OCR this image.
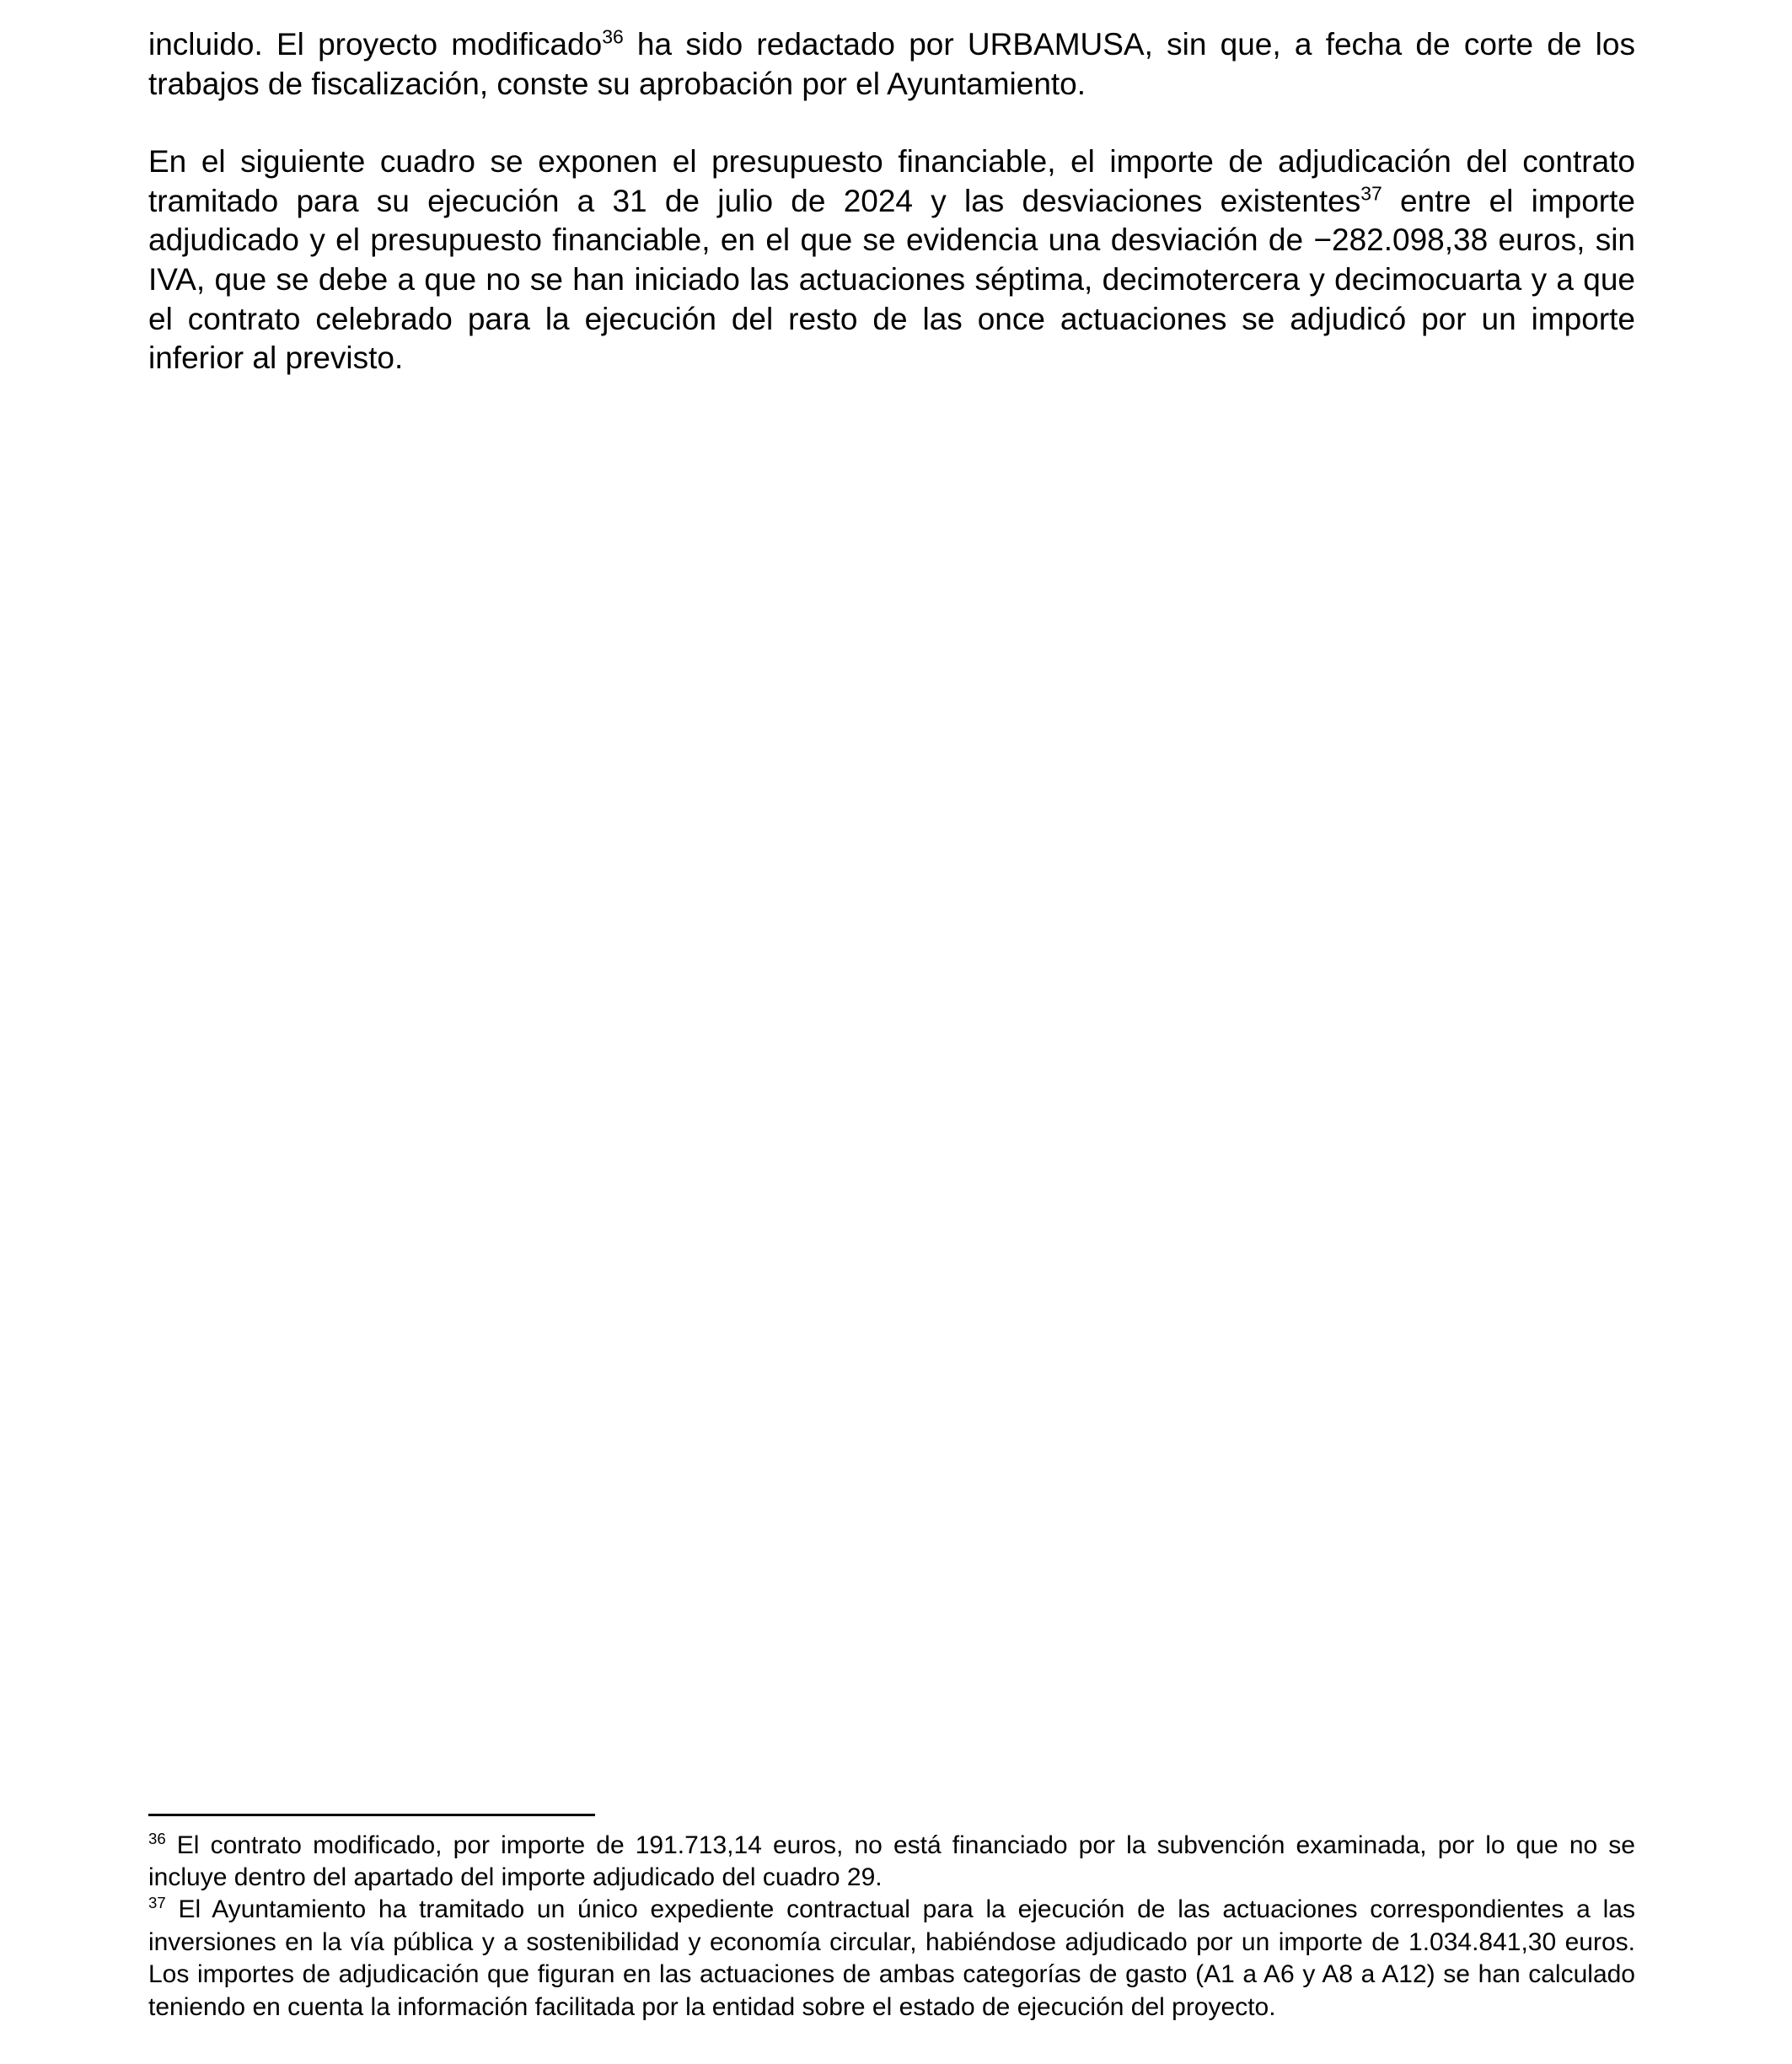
incluido. El proyecto modificado$^{36}$ ha sido redactado por URBAMUSA, sin que, a fecha de corte de los trabajos de fiscalización, conste su aprobación por el Ayuntamiento.

En el siguiente cuadro se exponen el presupuesto financiable, el importe de adjudicación del contrato tramitado para su ejecución a 31 de julio de 2024 y las desviaciones existentes$^{37}$ entre el importe adjudicado y el presupuesto financiable, en el que se evidencia una desviación de −282.098,38 euros, sin IVA, que se debe a que no se han iniciado las actuaciones séptima, decimotercera y decimocuarta y a que el contrato celebrado para la ejecución del resto de las once actuaciones se adjudicó por un importe inferior al previsto.

$^{36}$ El contrato modificado, por importe de 191.713,14 euros, no está financiado por la subvención examinada, por lo que no se incluye dentro del apartado del importe adjudicado del cuadro 29.

$^{37}$ El Ayuntamiento ha tramitado un único expediente contractual para la ejecución de las actuaciones correspondientes a las inversiones en la vía pública y a sostenibilidad y economía circular, habiéndose adjudicado por un importe de 1.034.841,30 euros. Los importes de adjudicación que figuran en las actuaciones de ambas categorías de gasto (A1 a A6 y A8 a A12) se han calculado teniendo en cuenta la información facilitada por la entidad sobre el estado de ejecución del proyecto.
